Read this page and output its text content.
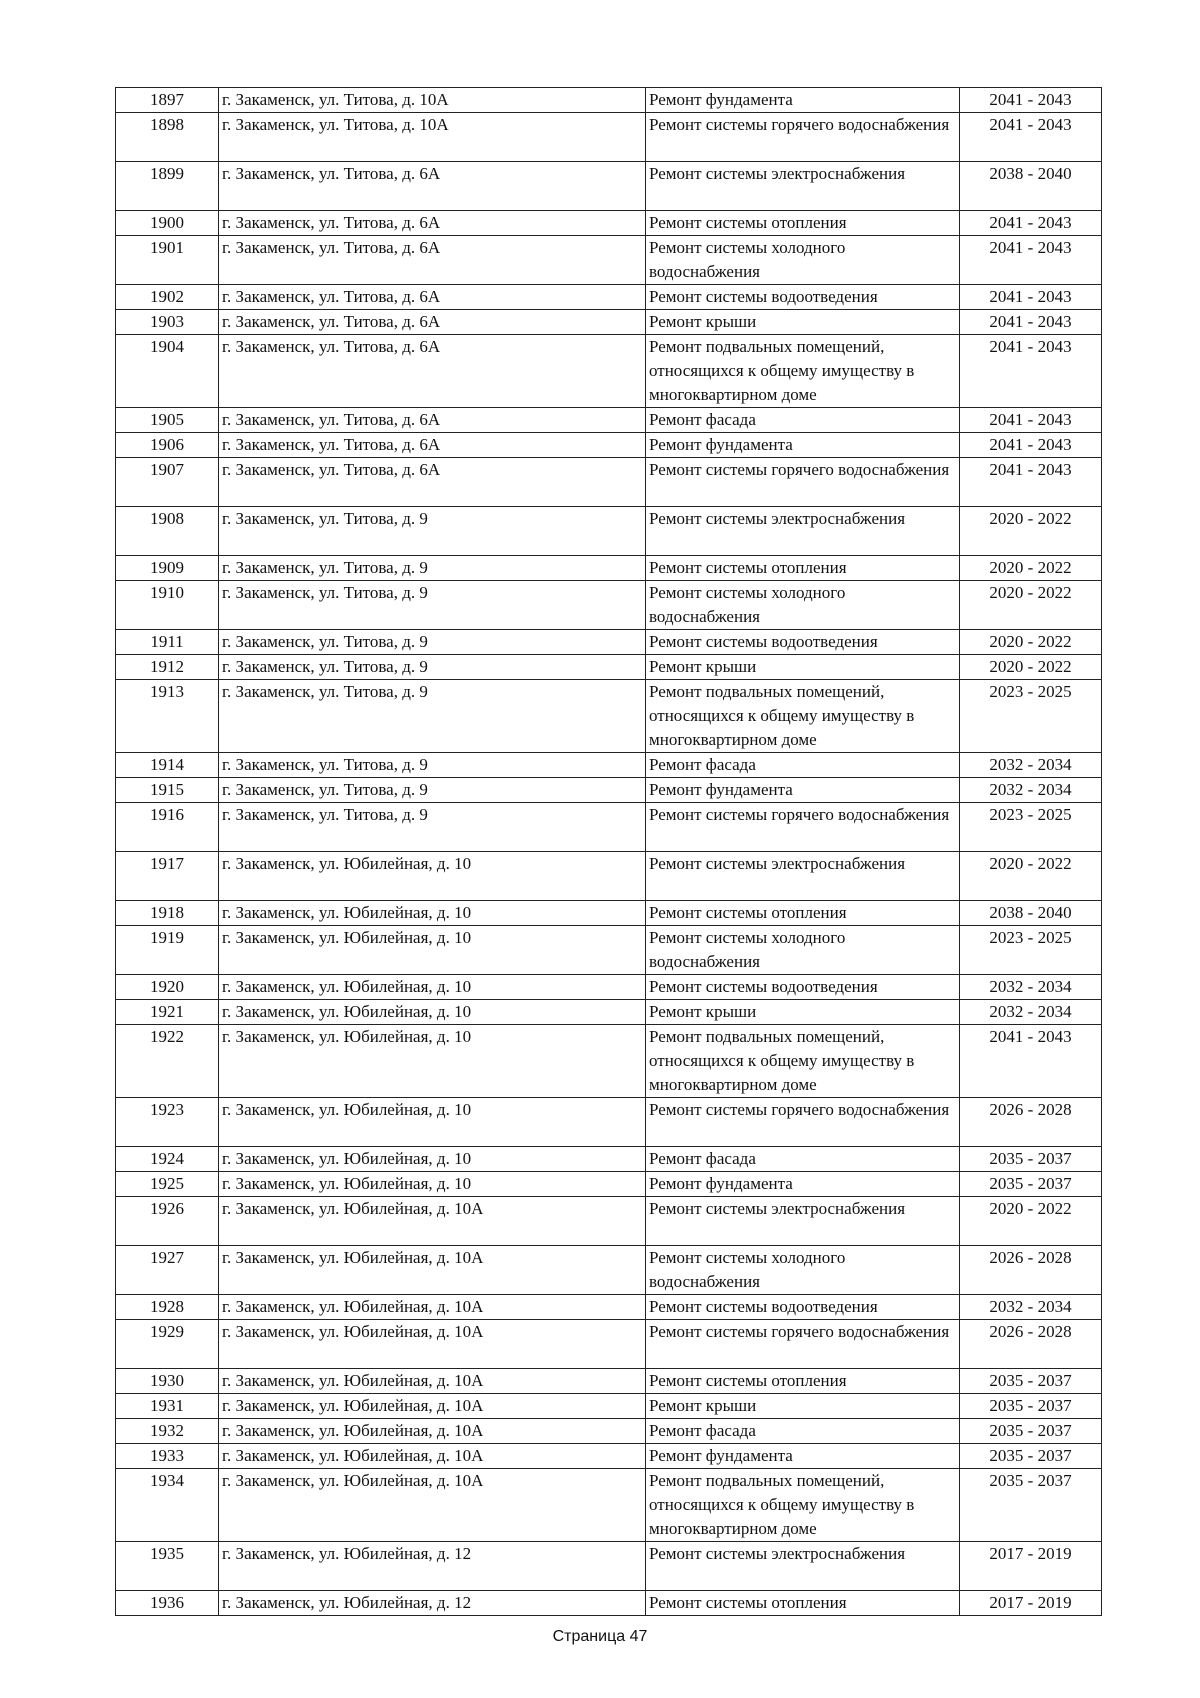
1897	г. Закаменск, ул. Титова, д. 10А	Ремонт фундамента	2041 - 2043
1898	г. Закаменск, ул. Титова, д. 10А	Ремонт системы горячего водоснабжения	2041 - 2043
1899	г. Закаменск, ул. Титова, д. 6А	Ремонт системы электроснабжения	2038 - 2040
1900	г. Закаменск, ул. Титова, д. 6А	Ремонт системы отопления	2041 - 2043
1901	г. Закаменск, ул. Титова, д. 6А	Ремонт системы холодного водоснабжения	2041 - 2043
1902	г. Закаменск, ул. Титова, д. 6А	Ремонт системы водоотведения	2041 - 2043
1903	г. Закаменск, ул. Титова, д. 6А	Ремонт крыши	2041 - 2043
1904	г. Закаменск, ул. Титова, д. 6А	Ремонт подвальных помещений, относящихся к общему имуществу в многоквартирном доме	2041 - 2043
1905	г. Закаменск, ул. Титова, д. 6А	Ремонт фасада	2041 - 2043
1906	г. Закаменск, ул. Титова, д. 6А	Ремонт фундамента	2041 - 2043
1907	г. Закаменск, ул. Титова, д. 6А	Ремонт системы горячего водоснабжения	2041 - 2043
1908	г. Закаменск, ул. Титова, д. 9	Ремонт системы электроснабжения	2020 - 2022
1909	г. Закаменск, ул. Титова, д. 9	Ремонт системы отопления	2020 - 2022
1910	г. Закаменск, ул. Титова, д. 9	Ремонт системы холодного водоснабжения	2020 - 2022
1911	г. Закаменск, ул. Титова, д. 9	Ремонт системы водоотведения	2020 - 2022
1912	г. Закаменск, ул. Титова, д. 9	Ремонт крыши	2020 - 2022
1913	г. Закаменск, ул. Титова, д. 9	Ремонт подвальных помещений, относящихся к общему имуществу в многоквартирном доме	2023 - 2025
1914	г. Закаменск, ул. Титова, д. 9	Ремонт фасада	2032 - 2034
1915	г. Закаменск, ул. Титова, д. 9	Ремонт фундамента	2032 - 2034
1916	г. Закаменск, ул. Титова, д. 9	Ремонт системы горячего водоснабжения	2023 - 2025
1917	г. Закаменск, ул. Юбилейная, д. 10	Ремонт системы электроснабжения	2020 - 2022
1918	г. Закаменск, ул. Юбилейная, д. 10	Ремонт системы отопления	2038 - 2040
1919	г. Закаменск, ул. Юбилейная, д. 10	Ремонт системы холодного водоснабжения	2023 - 2025
1920	г. Закаменск, ул. Юбилейная, д. 10	Ремонт системы водоотведения	2032 - 2034
1921	г. Закаменск, ул. Юбилейная, д. 10	Ремонт крыши	2032 - 2034
1922	г. Закаменск, ул. Юбилейная, д. 10	Ремонт подвальных помещений, относящихся к общему имуществу в многоквартирном доме	2041 - 2043
1923	г. Закаменск, ул. Юбилейная, д. 10	Ремонт системы горячего водоснабжения	2026 - 2028
1924	г. Закаменск, ул. Юбилейная, д. 10	Ремонт фасада	2035 - 2037
1925	г. Закаменск, ул. Юбилейная, д. 10	Ремонт фундамента	2035 - 2037
1926	г. Закаменск, ул. Юбилейная, д. 10А	Ремонт системы электроснабжения	2020 - 2022
1927	г. Закаменск, ул. Юбилейная, д. 10А	Ремонт системы холодного водоснабжения	2026 - 2028
1928	г. Закаменск, ул. Юбилейная, д. 10А	Ремонт системы водоотведения	2032 - 2034
1929	г. Закаменск, ул. Юбилейная, д. 10А	Ремонт системы горячего водоснабжения	2026 - 2028
1930	г. Закаменск, ул. Юбилейная, д. 10А	Ремонт системы отопления	2035 - 2037
1931	г. Закаменск, ул. Юбилейная, д. 10А	Ремонт крыши	2035 - 2037
1932	г. Закаменск, ул. Юбилейная, д. 10А	Ремонт фасада	2035 - 2037
1933	г. Закаменск, ул. Юбилейная, д. 10А	Ремонт фундамента	2035 - 2037
1934	г. Закаменск, ул. Юбилейная, д. 10А	Ремонт подвальных помещений, относящихся к общему имуществу в многоквартирном доме	2035 - 2037
1935	г. Закаменск, ул. Юбилейная, д. 12	Ремонт системы электроснабжения	2017 - 2019
1936	г. Закаменск, ул. Юбилейная, д. 12	Ремонт системы отопления	2017 - 2019
Страница 47
